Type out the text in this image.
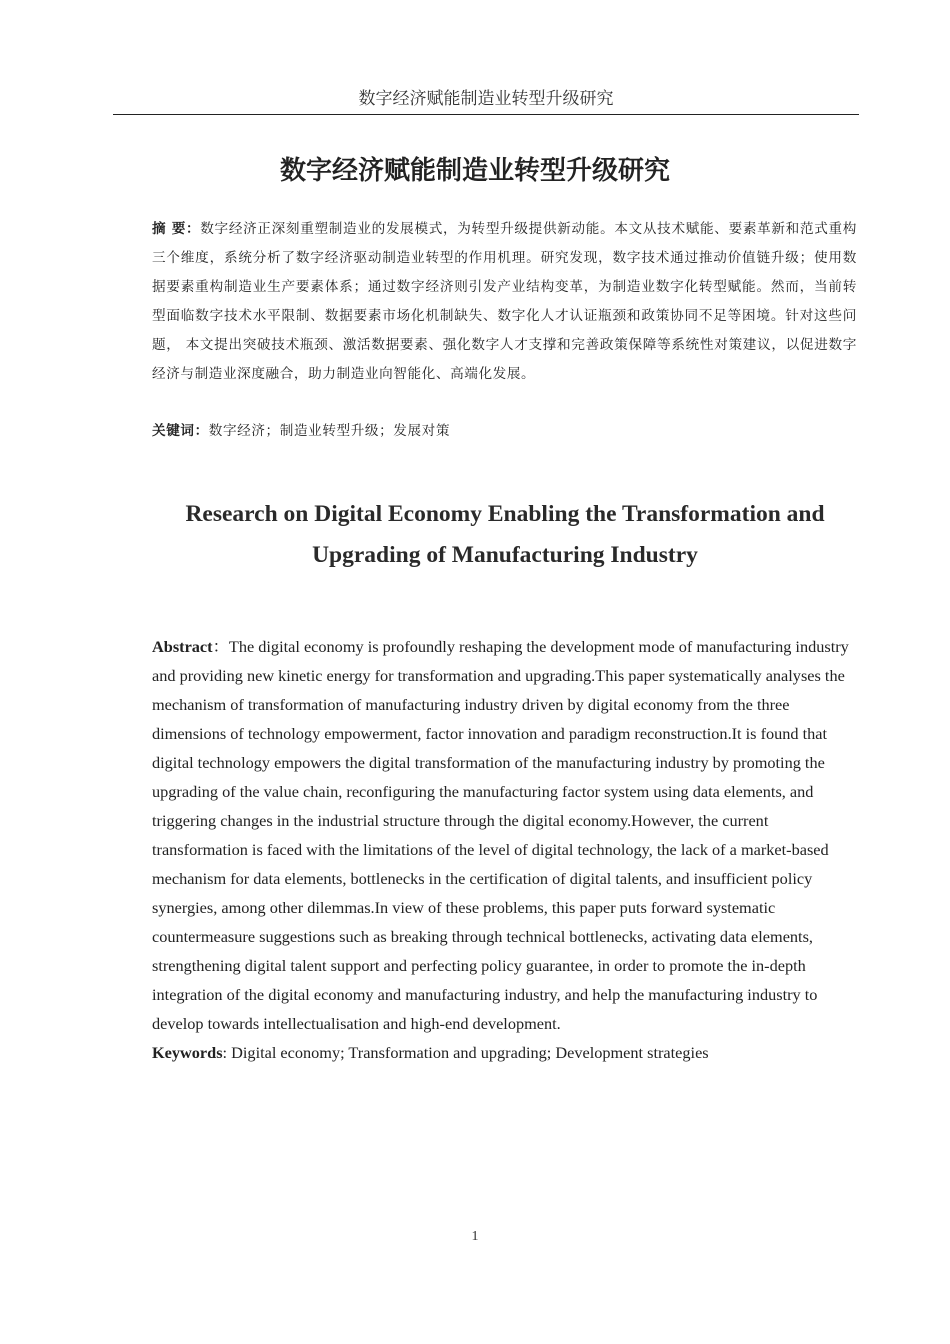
数字经济赋能制造业转型升级研究
数字经济赋能制造业转型升级研究

摘 要：数字经济正深刻重塑制造业的发展模式，为转型升级提供新动能。本文从技术赋能、要素革新和范式重构三个维度，系统分析了数字经济驱动制造业转型的作用机理。研究发现，数字技术通过推动价值链升级；使用数据要素重构制造业生产要素体系；通过数字经济则引发产业结构变革，为制造业数字化转型赋能。然而，当前转型面临数字技术水平限制、数据要素市场化机制缺失、数字化人才认证瓶颈和政策协同不足等困境。针对这些问题， 本文提出突破技术瓶颈、激活数据要素、强化数字人才支撑和完善政策保障等系统性对策建议，以促进数字经济与制造业深度融合，助力制造业向智能化、高端化发展。

关键词：数字经济；制造业转型升级；发展对策

Research on Digital Economy Enabling the Transformation and Upgrading of Manufacturing Industry

Abstract：The digital economy is profoundly reshaping the development mode of manufacturing industry and providing new kinetic energy for transformation and upgrading.This paper systematically analyses the mechanism of transformation of manufacturing industry driven by digital economy from the three dimensions of technology empowerment, factor innovation and paradigm reconstruction.It is found that digital technology empowers the digital transformation of the manufacturing industry by promoting the upgrading of the value chain, reconfiguring the manufacturing factor system using data elements, and triggering changes in the industrial structure through the digital economy.However, the current transformation is faced with the limitations of the level of digital technology, the lack of a market-based mechanism for data elements, bottlenecks in the certification of digital talents, and insufficient policy synergies, among other dilemmas.In view of these problems, this paper puts forward systematic countermeasure suggestions such as breaking through technical bottlenecks, activating data elements, strengthening digital talent support and perfecting policy guarantee, in order to promote the in-depth integration of the digital economy and manufacturing industry, and help the manufacturing industry to develop towards intellectualisation and high-end development.

Keywords: Digital economy; Transformation and upgrading; Development strategies

1
